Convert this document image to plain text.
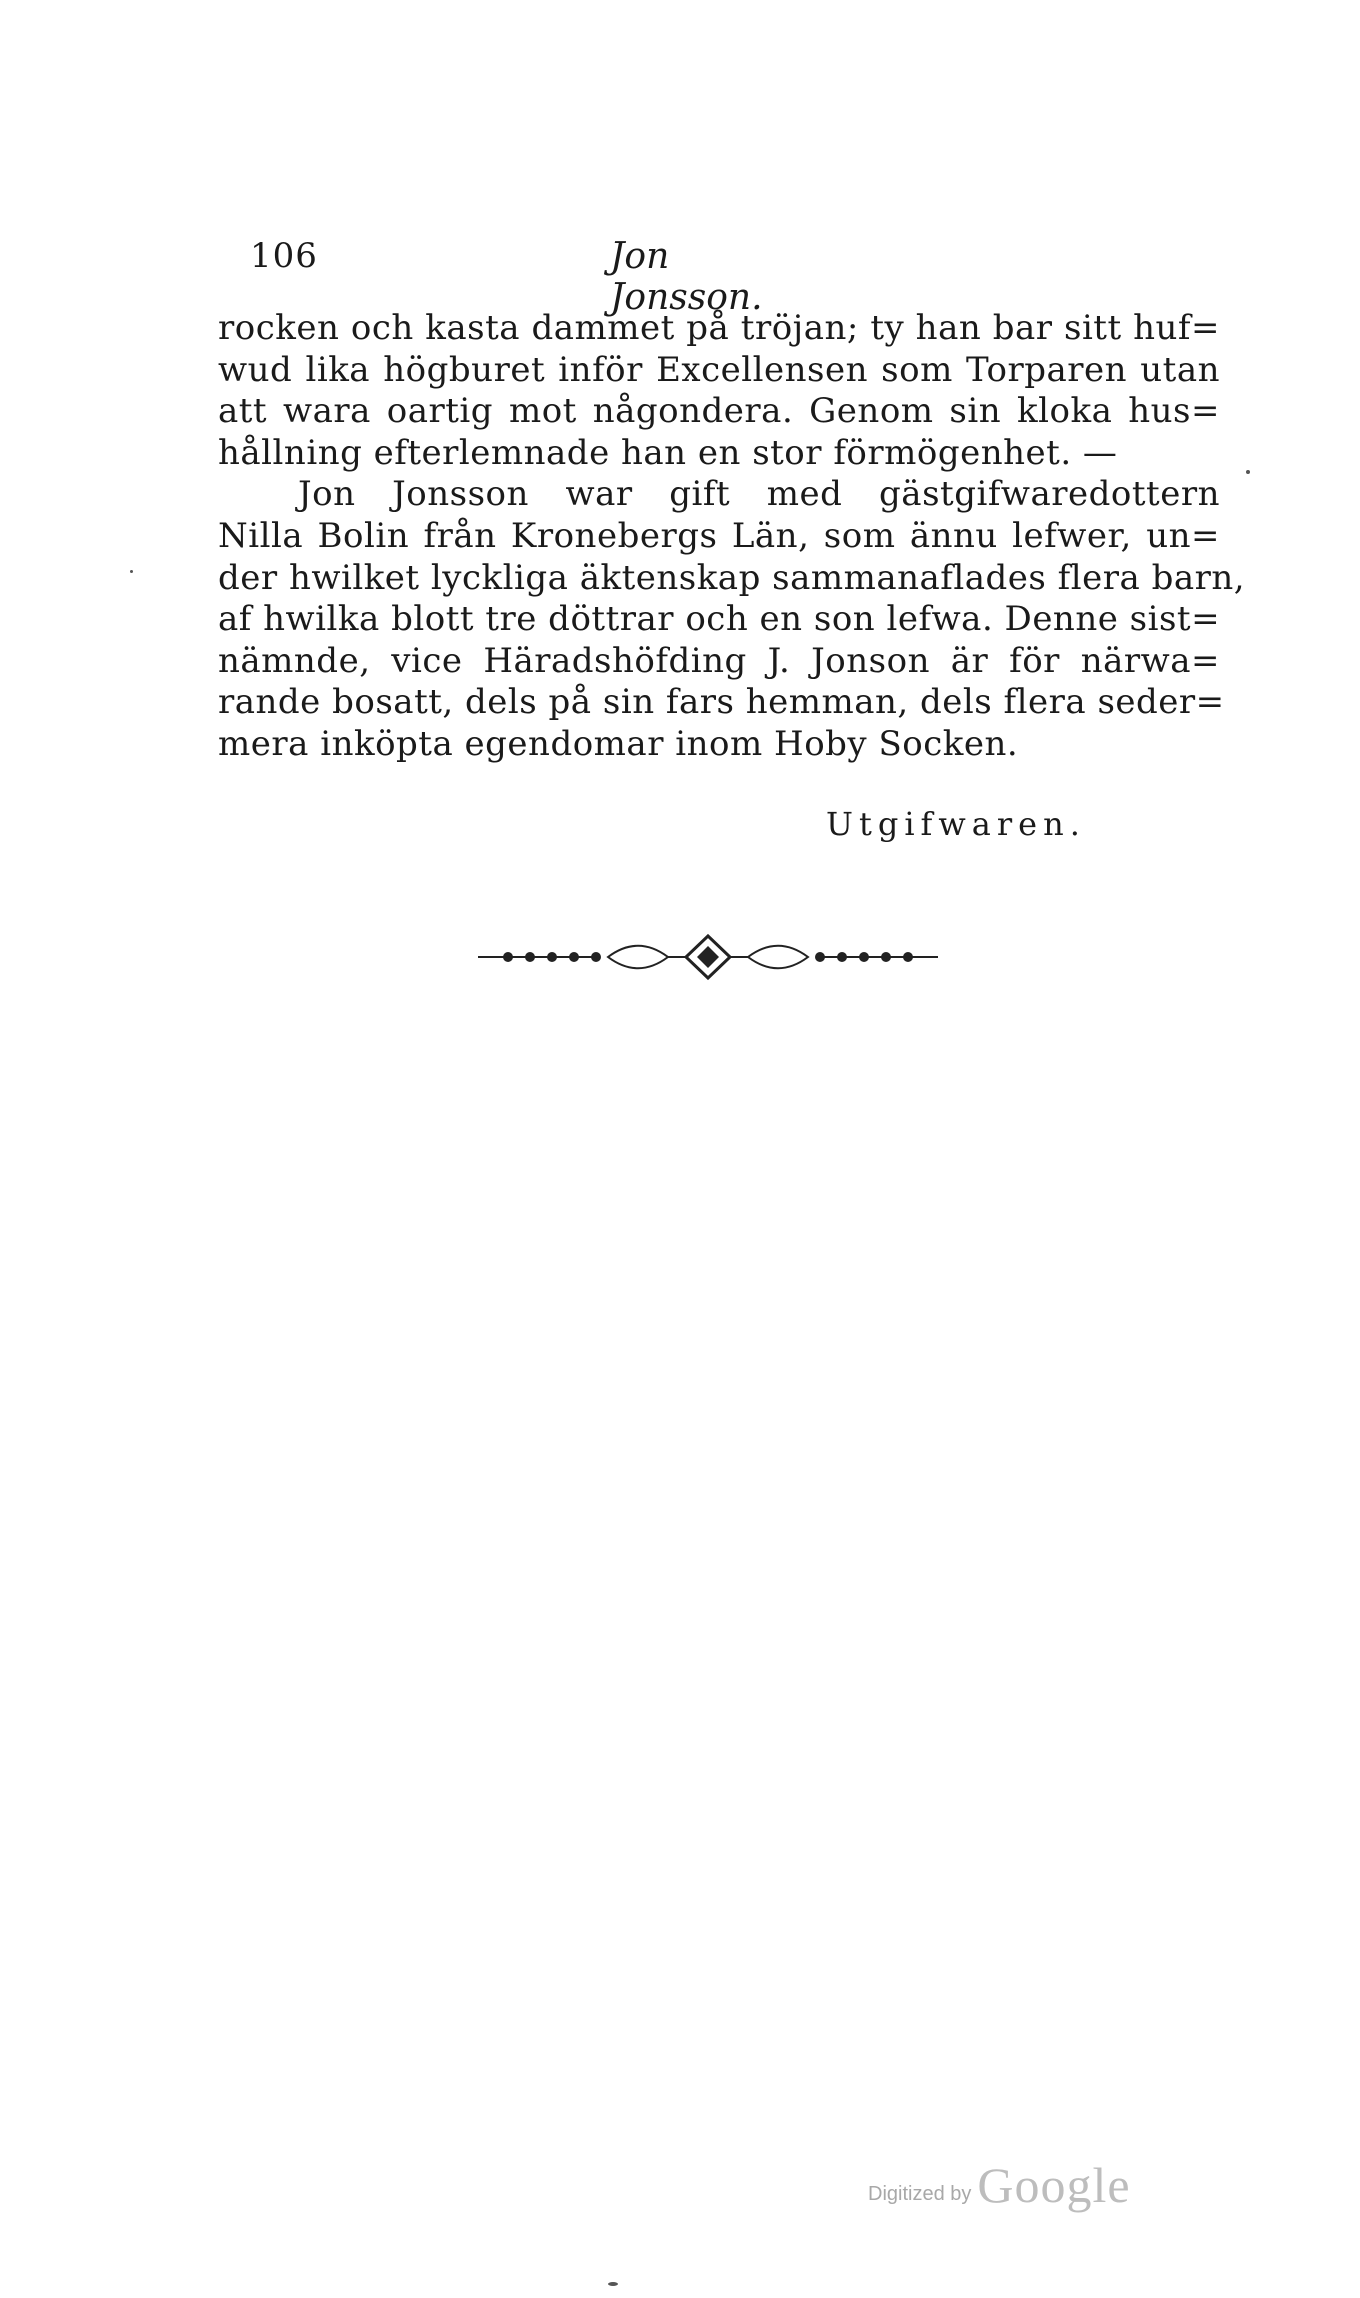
106	Jon Jonsson.
rocken och kasta dammet på tröjan; ty han bar sitt huf=
wud lika högburet inför Excellensen som Torparen utan
att wara oartig mot någondera. Genom sin kloka hus=
hållning efterlemnade han en stor förmögenhet. —
Jon Jonsson war gift med gästgifwaredottern
Nilla Bolin från Kronebergs Län, som ännu lefwer, un=
der hwilket lyckliga äktenskap sammanaflades flera barn,
af hwilka blott tre döttrar och en son lefwa. Denne sist=
nämnde, vice Häradshöfding J. Jonson är för närwa=
rande bosatt, dels på sin fars hemman, dels flera seder=
mera inköpta egendomar inom Hoby Socken.
Utgifwaren.
Digitized by Google
